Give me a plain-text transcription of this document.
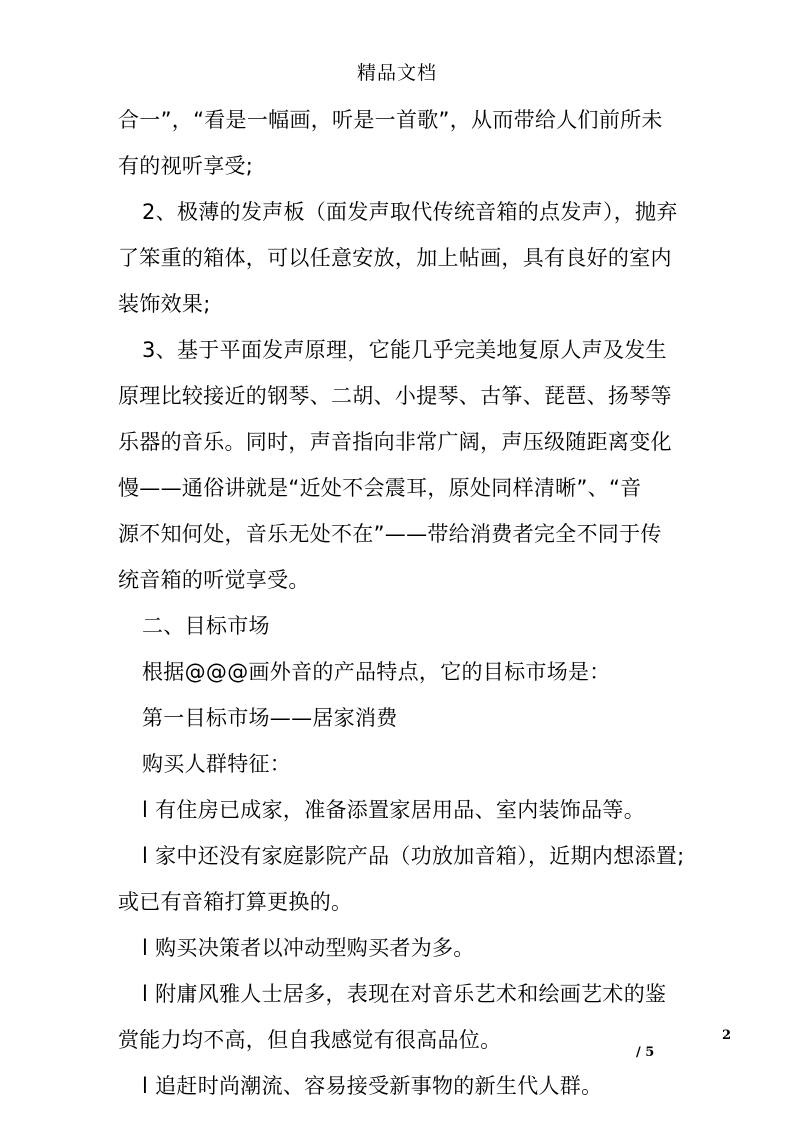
精品文档
合一”，“看是一幅画，听是一首歌”，从而带给人们前所未
有的视听享受;
2、极薄的发声板（面发声取代传统音箱的点发声），抛弃
了笨重的箱体，可以任意安放，加上帖画，具有良好的室内
装饰效果;
3、基于平面发声原理，它能几乎完美地复原人声及发生
原理比较接近的钢琴、二胡、小提琴、古筝、琵琶、扬琴等
乐器的音乐。同时，声音指向非常广阔，声压级随距离变化
慢——通俗讲就是“近处不会震耳，原处同样清晰”、“音
源不知何处，音乐无处不在”——带给消费者完全不同于传
统音箱的听觉享受。
二、目标市场
根据@@@画外音的产品特点，它的目标市场是：
第一目标市场——居家消费
购买人群特征：
l 有住房已成家，准备添置家居用品、室内装饰品等。
l 家中还没有家庭影院产品（功放加音箱），近期内想添置;
或已有音箱打算更换的。
l 购买决策者以冲动型购买者为多。
l 附庸风雅人士居多，表现在对音乐艺术和绘画艺术的鉴
赏能力均不高，但自我感觉有很高品位。
l 追赶时尚潮流、容易接受新事物的新生代人群。
2
/ 5
